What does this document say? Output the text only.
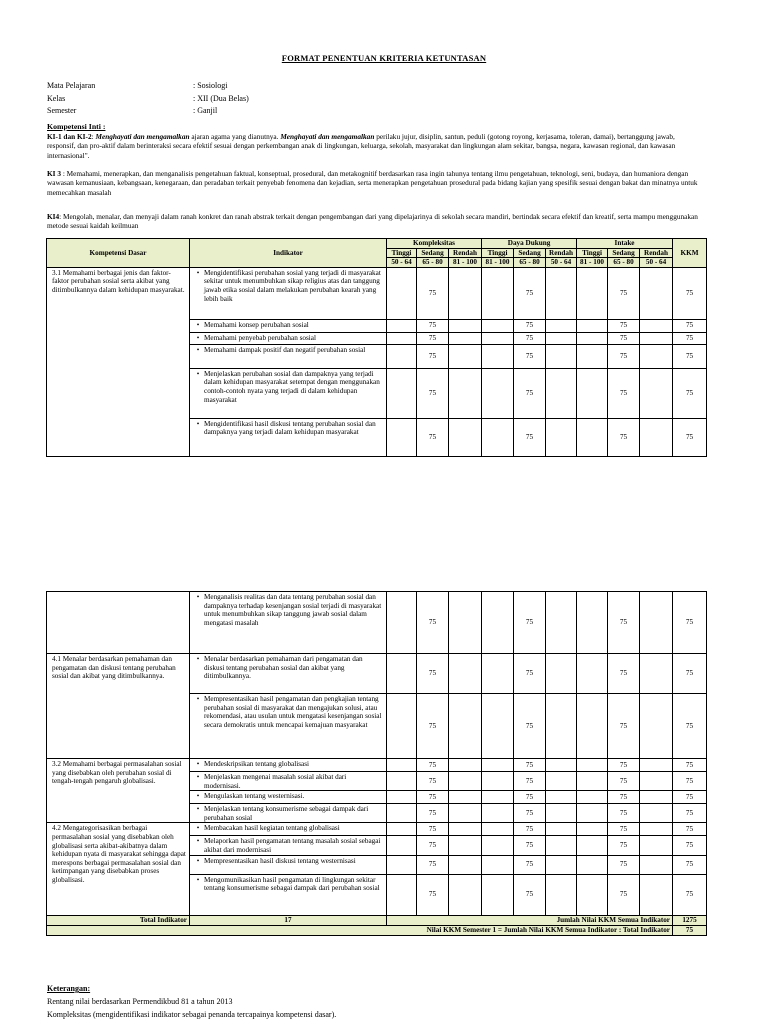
FORMAT PENENTUAN KRITERIA KETUNTASAN
Mata Pelajaran	: Sosiologi
Kelas	: XII (Dua Belas)
Semester	: Ganjil
Kompetensi Inti :
KI-1 dan KI-2: Menghayati dan mengamalkan ajaran agama yang dianutnya. Menghayati dan mengamalkan perilaku jujur, disiplin, santun, peduli (gotong royong, kerjasama, toleran, damai), bertanggung jawab, responsif, dan pro-aktif dalam berinteraksi secara efektif sesuai dengan perkembangan anak di lingkungan, keluarga, sekolah, masyarakat dan lingkungan alam sekitar, bangsa, negara, kawasan regional, dan kawasan internasional".
KI 3 : Memahami, menerapkan, dan menganalisis pengetahuan faktual, konseptual, prosedural, dan metakognitif berdasarkan rasa ingin tahunya tentang ilmu pengetahuan, teknologi, seni, budaya, dan humaniora dengan wawasan kemanusiaan, kebangsaan, kenegaraan, dan peradaban terkait penyebab fenomena dan kejadian, serta menerapkan pengetahuan prosedural pada bidang kajian yang spesifik sesuai dengan bakat dan minatnya untuk memecahkan masalah
KI4: Mengolah, menalar, dan menyaji dalam ranah konkret dan ranah abstrak terkait dengan pengembangan dari yang dipelajarinya di sekolah secara mandiri, bertindak secara efektif dan kreatif, serta mampu menggunakan metode sesuai kaidah keilmuan
Kompetensi Dasar	Indikator	Kompleksitas			Daya Dukung			Intake			KKM
		Tinggi	Sedang	Rendah	Tinggi	Sedang	Rendah	Tinggi	Sedang	Rendah	
		50 - 64	65 - 80	81 - 100	81 - 100	65 - 80	50 - 64	81 - 100	65 - 80	50 - 64	
3.1 Memahami berbagai jenis dan faktor-faktor perubahan sosial serta akibat yang ditimbulkannya dalam kehidupan masyarakat.	• Mengidentifikasi perubahan sosial yang terjadi di masyarakat sekitar untuk menumbuhkan sikap religius atas dan tanggung jawab etika sosial dalam melakukan perubahan kearah yang lebih baik		75			75			75		75

	• Memahami konsep perubahan sosial		75			75			75		75

	• Memahami penyebab perubahan sosial		75			75			75		75

	• Memahami dampak positif dan negatif perubahan sosial		75			75			75		75

	• Menjelaskan perubahan sosial dan dampaknya yang terjadi dalam kehidupan masyarakat setempat dengan menggunakan contoh-contoh nyata yang terjadi di dalam kehidupan masyarakat		75			75			75		75

	• Mengidentifikasi hasil diskusi tentang perubahan sosial dan dampaknya yang terjadi dalam kehidupan masyarakat		75			75			75		75

	• Menganalisis realitas dan data tentang perubahan sosial dan dampaknya terhadap kesenjangan sosial terjadi di masyarakat untuk menumbuhkan sikap tanggung jawab sosial dalam mengatasi masalah		75			75			75		75
4.1 Menalar berdasarkan pemahaman dan pengamatan dan diskusi tentang perubahan sosial dan akibat yang ditimbulkannya.	• Menalar berdasarkan pemahaman dari pengamatan dan diskusi tentang perubahan sosial dan akibat yang ditimbulkannya.		75			75			75		75

	• Mempresentasikan hasil pengamatan dan pengkajian tentang perubahan sosial di masyarakat dan mengajukan solusi, atau rekomendasi, atau usulan untuk mengatasi kesenjangan sosial secara demokratis untuk mencapai kemajuan masyarakat		75			75			75		75
3.2 Memahami berbagai permasalahan sosial yang disebabkan oleh perubahan sosial di tengah-tengah pengaruh globalisasi.	• Mendeskripsikan tentang globalisasi		75			75			75		75

	• Menjelaskan mengenai masalah sosial akibat dari modernisasi.		75			75			75		75

	• Mengulaskan tentang westernisasi.		75			75			75		75

	• Menjelaskan tentang konsumerisme sebagai dampak dari perubahan sosial		75			75			75		75
4.2 Mengategorisasikan berbagai permasalahan sosial yang disebabkan oleh globalisasi serta akibat-akibatnya dalam kehidupan nyata di masyarakat sehingga dapat merespons berbagai permasalahan sosial dan ketimpangan yang disebabkan proses globalisasi.	• Membacakan hasil kegiatan tentang globalisasi		75			75			75		75

	• Melaporkan hasil pengamatan tentang masalah sosial sebagai akibat dari modernisasi		75			75			75		75

	• Mempresentasikan hasil diskusi tentang westernisasi		75			75			75		75

	• Mengomunikasikan hasil pengamatan di lingkungan sekitar tentang konsumerisme sebagai dampak dari perubahan sosial		75			75			75		75
Total Indikator	17	Jumlah Nilai KKM Semua Indikator									1275
Nilai KKM Semester 1 = Jumlah Nilai KKM Semua Indikator : Total Indikator											75
Keterangan:
Rentang nilai berdasarkan Permendikbud 81 a tahun 2013
Kompleksitas (mengidentifikasi indikator sebagai penanda tercapainya kompetensi dasar).
